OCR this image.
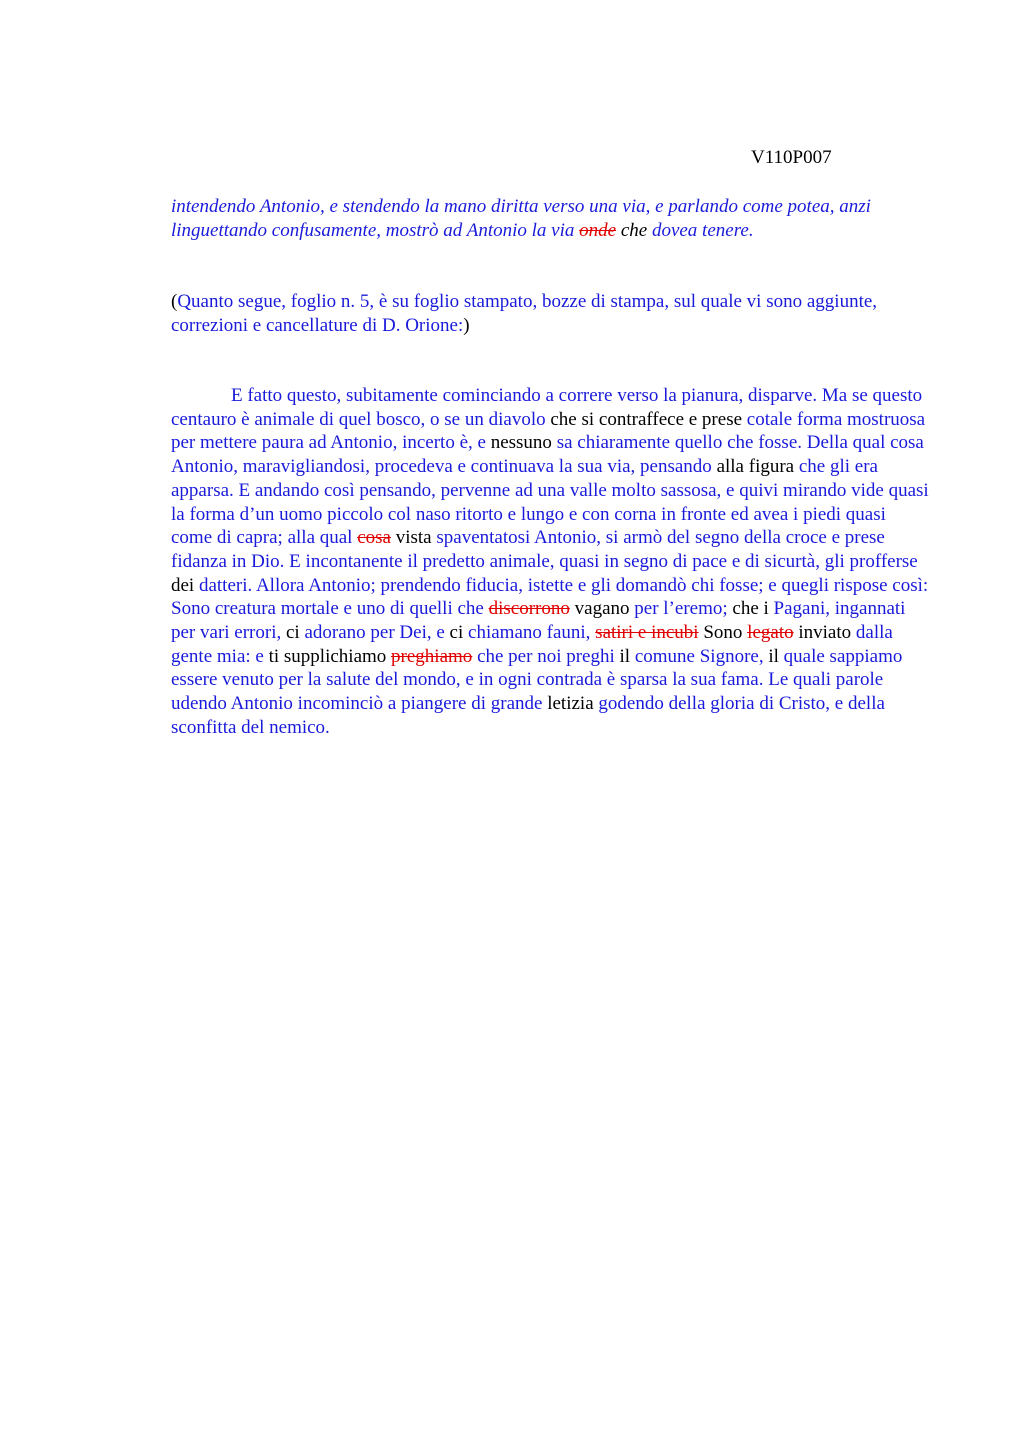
V110P007

intendendo Antonio, e stendendo la mano diritta verso una via, e parlando come potea, anzi linguettando confusamente, mostrò ad Antonio la via onde che dovea tenere.

(Quanto segue, foglio n. 5, è su foglio stampato, bozze di stampa, sul quale vi sono aggiunte, correzioni e cancellature di D. Orione:)

E fatto questo, subitamente cominciando a correre verso la pianura, disparve. Ma se questo centauro è animale di quel bosco, o se un diavolo che si contraffece e prese cotale forma mostruosa per mettere paura ad Antonio, incerto è, e nessuno sa chiaramente quello che fosse. Della qual cosa Antonio, maravigliandosi, procedeva e continuava la sua via, pensando alla figura che gli era apparsa. E andando così pensando, pervenne ad una valle molto sassosa, e quivi mirando vide quasi la forma d’un uomo piccolo col naso ritorto e lungo e con corna in fronte ed avea i piedi quasi come di capra; alla qual cosa vista spaventatosi Antonio, si armò del segno della croce e prese fidanza in Dio. E incontanente il predetto animale, quasi in segno di pace e di sicurtà, gli profferse dei datteri. Allora Antonio; prendendo fiducia, istette e gli domandò chi fosse; e quegli rispose così: Sono creatura mortale e uno di quelli che discorrono vagano per l’eremo; che i Pagani, ingannati per vari errori, ci adorano per Dei, e ci chiamano fauni, satiri e incubi Sono legato inviato dalla gente mia: e ti supplichiamo preghiamo che per noi preghi il comune Signore, il quale sappiamo essere venuto per la salute del mondo, e in ogni contrada è sparsa la sua fama. Le quali parole udendo Antonio incominciò a piangere di grande letizia godendo della gloria di Cristo, e della sconfitta del nemico.
